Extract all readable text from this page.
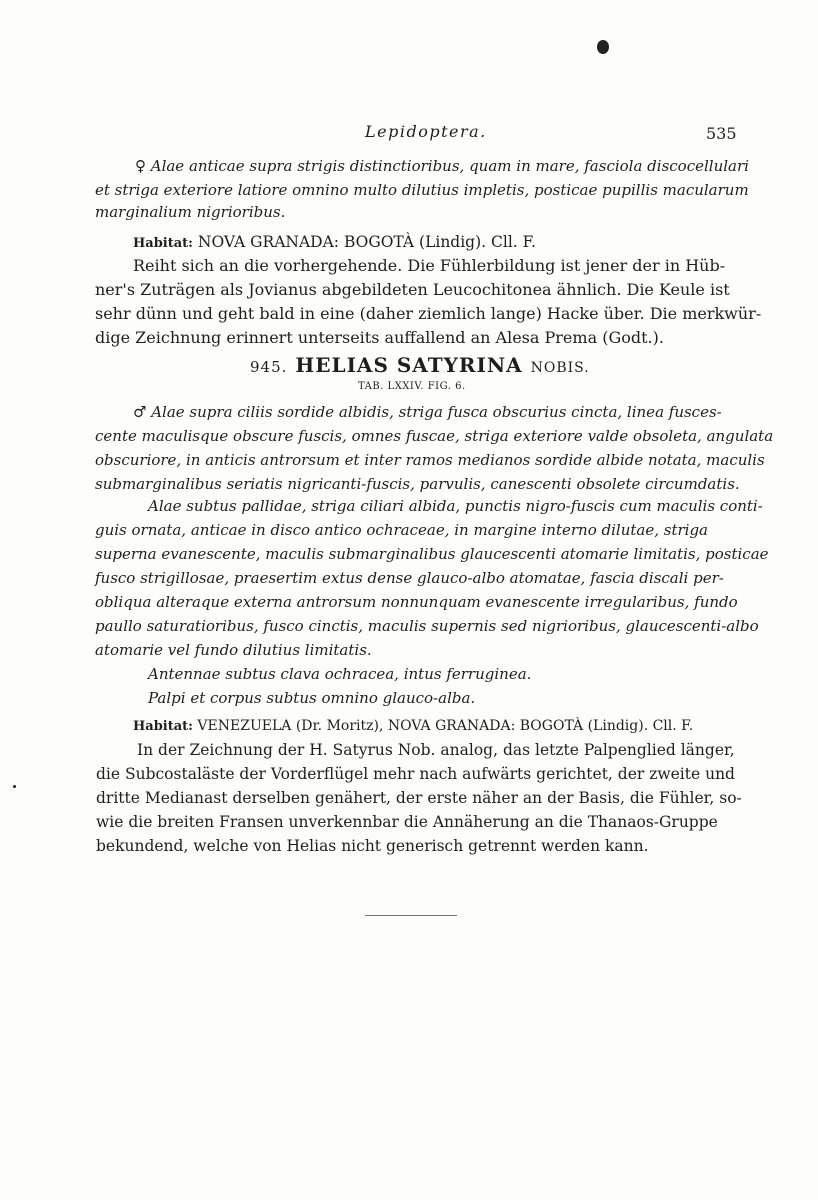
Lepidoptera.	535
♀ Alae anticae supra strigis distinctioribus, quam in mare, fasciola discocellulari
et striga exteriore latiore omnino multo dilutius impletis, posticae pupillis macularum
marginalium nigrioribus.
Habitat: NOVA GRANADA: BOGOTÀ (Lindig). Cll. F.
Reiht sich an die vorhergehende. Die Fühlerbildung ist jener der in Hüb-
ner's Zuträgen als Jovianus abgebildeten Leucochitonea ähnlich. Die Keule ist
sehr dünn und geht bald in eine (daher ziemlich lange) Hacke über. Die merkwür-
dige Zeichnung erinnert unterseits auffallend an Alesa Prema (Godt.).
945. HELIAS SATYRINA NOBIS.
TAB. LXXIV. FIG. 6.
♂ Alae supra ciliis sordide albidis, striga fusca obscurius cincta, linea fusces-
cente maculisque obscure fuscis, omnes fuscae, striga exteriore valde obsoleta, angulata
obscuriore, in anticis antrorsum et inter ramos medianos sordide albide notata, maculis
submarginalibus seriatis nigricanti-fuscis, parvulis, canescenti obsolete circumdatis.
Alae subtus pallidae, striga ciliari albida, punctis nigro-fuscis cum maculis conti-
guis ornata, anticae in disco antico ochraceae, in margine interno dilutae, striga
superna evanescente, maculis submarginalibus glaucescenti atomarie limitatis, posticae
fusco strigillosae, praesertim extus dense glauco-albo atomatae, fascia discali per-
obliqua alteraque externa antrorsum nonnunquam evanescente irregularibus, fundo
paullo saturatioribus, fusco cinctis, maculis supernis sed nigrioribus, glaucescenti-albo
atomarie vel fundo dilutius limitatis.
Antennae subtus clava ochracea, intus ferruginea.
Palpi et corpus subtus omnino glauco-alba.
Habitat: VENEZUELA (Dr. Moritz), NOVA GRANADA: BOGOTÀ (Lindig). Cll. F.
In der Zeichnung der H. Satyrus Nob. analog, das letzte Palpenglied länger,
die Subcostaläste der Vorderflügel mehr nach aufwärts gerichtet, der zweite und
dritte Medianast derselben genähert, der erste näher an der Basis, die Fühler, so-
wie die breiten Fransen unverkennbar die Annäherung an die Thanaos-Gruppe
bekundend, welche von Helias nicht generisch getrennt werden kann.
